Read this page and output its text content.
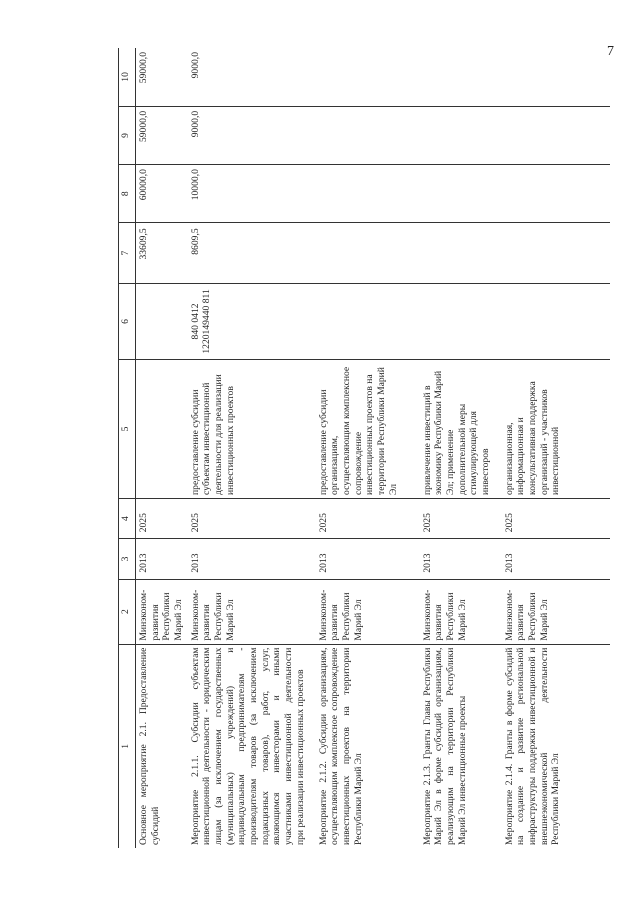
7
1	2	3	4	5	6	7	8	9	10
Основное мероприятие 2.1. Предоставление субсидий	Минэконом-развития Республики Марий Эл	2013	2025			33609,5	60000,0	59000,0	59000,0
Мероприятие 2.1.1. Субсидии субъектам инвестиционной деятельности - юридическим лицам (за исключением государственных (муниципальных) учреждений) и индивидуальным предпринимателям - производителям товаров (за исключением подакцизных товаров), работ, услуг, являющимся инвесторами и иными участниками инвестиционной деятельности при реализации инвестиционных проектов	Минэконом-развития Республики Марий Эл	2013	2025	предоставление субсидии субъектам инвестиционной деятельности для реализации инвестиционных проектов	840 0412 1220149440 811	8609,5	10000,0	9000,0	9000,0
Мероприятие 2.1.2. Субсидии организациям, осуществляющим комплексное сопровождение инвестиционных проектов на территории Республики Марий Эл	Минэконом-развития Республики Марий Эл	2013	2025	предоставление субсидии организациям, осуществляющим комплексное сопровождение инвестиционных проектов на территории Республики Марий Эл					
Мероприятие 2.1.3. Гранты Главы Республики Марий Эл в форме субсидий организациям, реализующим на территории Республики Марий Эл инвестиционные проекты	Минэконом-развития Республики Марий Эл	2013	2025	привлечение инвестиций в экономику Республики Марий Эл; применение дополнительной меры стимулирующей для инвесторов					
Мероприятие 2.1.4. Гранты в форме субсидий на создание и развитие региональной инфраструктуры поддержки инвестиционной и внешнеэкономической деятельности Республики Марий Эл	Минэконом-развития Республики Марий Эл	2013	2025	организационная, информационная и консультативная поддержка организаций - участников инвестиционной					
